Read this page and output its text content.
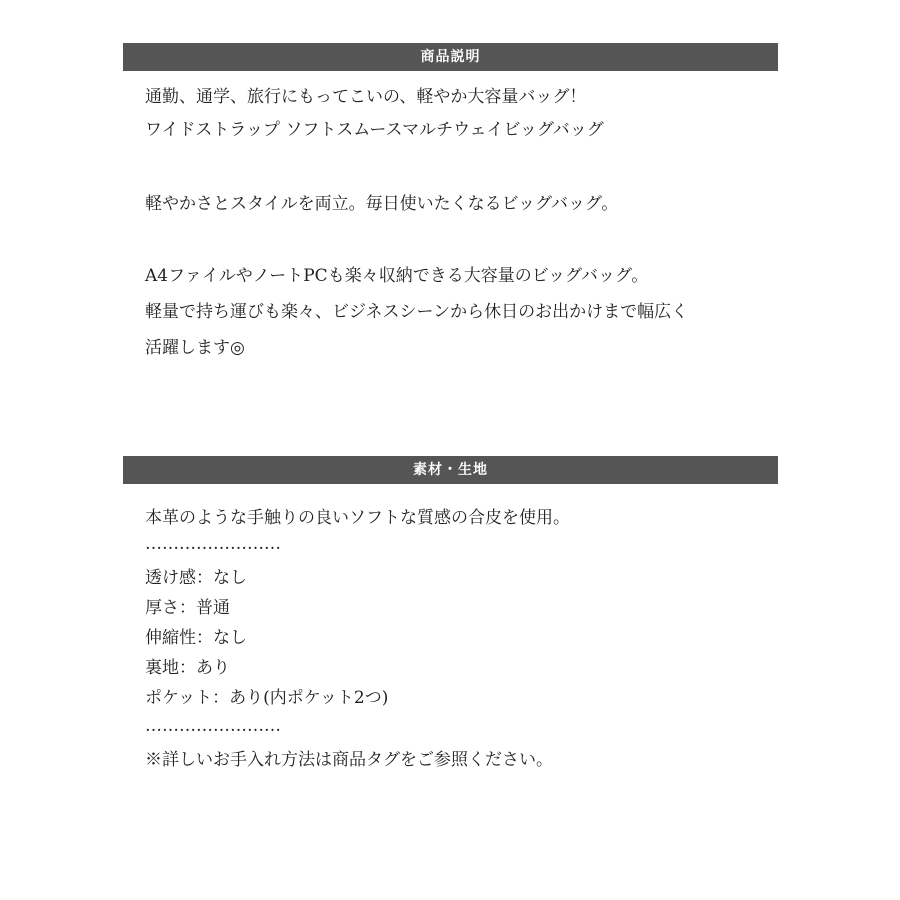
商品説明
通勤、通学、旅行にもってこいの、軽やか大容量バッグ！
ワイドストラップ ソフトスムースマルチウェイビッグバッグ
軽やかさとスタイルを両立。毎日使いたくなるビッグバッグ。
A4ファイルやノートPCも楽々収納できる大容量のビッグバッグ。
軽量で持ち運びも楽々、ビジネスシーンから休日のお出かけまで幅広く
活躍します◎
素材・生地
本革のような手触りの良いソフトな質感の合皮を使用。
……………………
透け感：なし
厚さ：普通
伸縮性：なし
裏地：あり
ポケット：あり(内ポケット2つ)
……………………
※詳しいお手入れ方法は商品タグをご参照ください。
